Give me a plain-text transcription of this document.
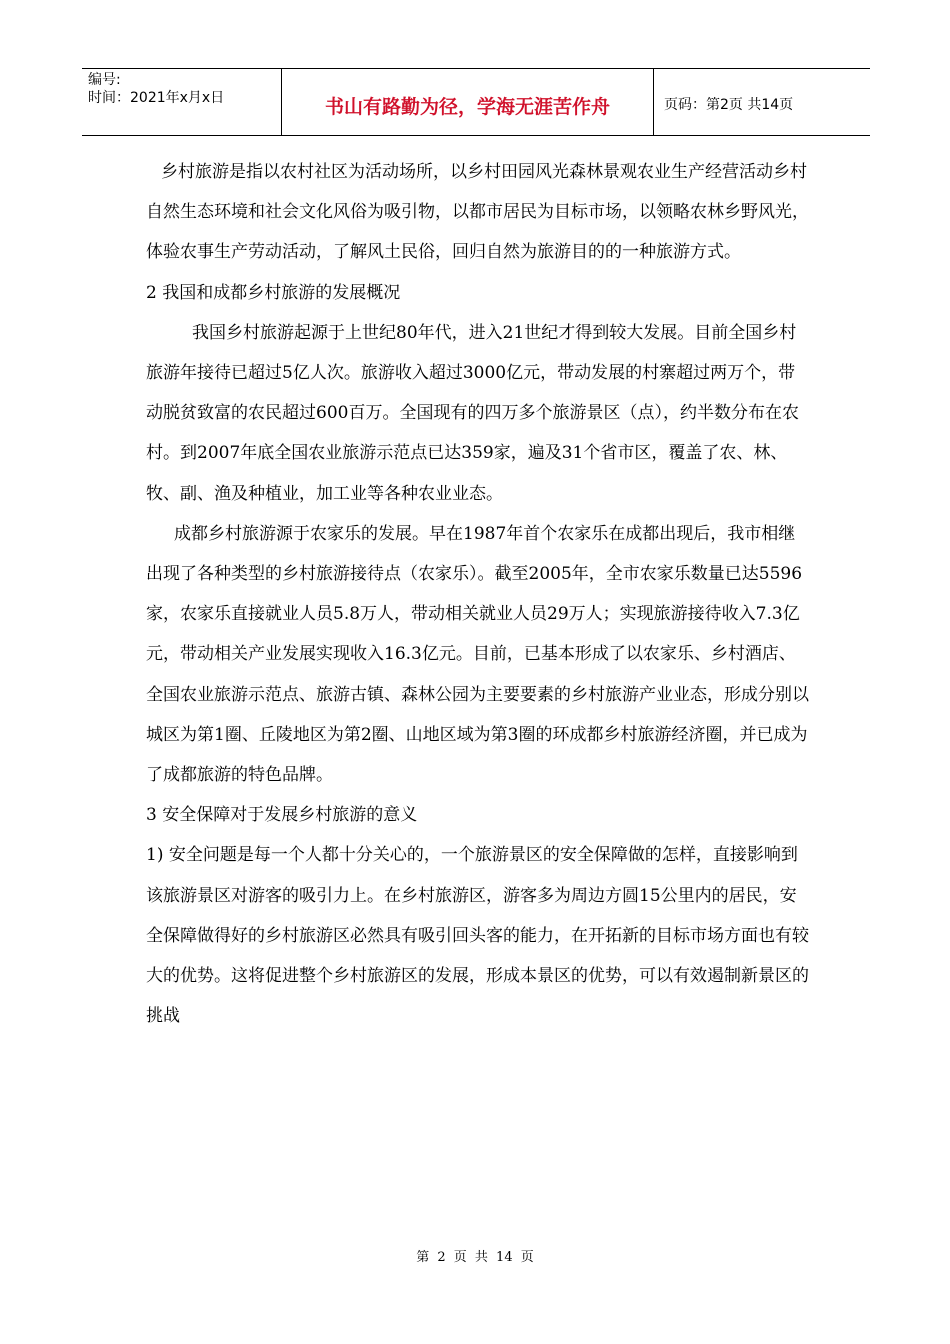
编号:
时间：2021年x月x日	书山有路勤为径，学海无涯苦作舟	页码：第2页 共14页

乡村旅游是指以农村社区为活动场所，以乡村田园风光森林景观农业生产经营活动乡村自然生态环境和社会文化风俗为吸引物，以都市居民为目标市场，以领略农林乡野风光，体验农事生产劳动活动，了解风土民俗，回归自然为旅游目的的一种旅游方式。

2 我国和成都乡村旅游的发展概况

我国乡村旅游起源于上世纪80年代，进入21世纪才得到较大发展。目前全国乡村旅游年接待已超过5亿人次。旅游收入超过3000亿元，带动发展的村寨超过两万个，带动脱贫致富的农民超过600百万。全国现有的四万多个旅游景区（点），约半数分布在农村。到2007年底全国农业旅游示范点已达359家，遍及31个省市区，覆盖了农、林、牧、副、渔及种植业，加工业等各种农业业态。

成都乡村旅游源于农家乐的发展。早在1987年首个农家乐在成都出现后，我市相继出现了各种类型的乡村旅游接待点（农家乐）。截至2005年，全市农家乐数量已达5596家，农家乐直接就业人员5.8万人，带动相关就业人员29万人；实现旅游接待收入7.3亿元，带动相关产业发展实现收入16.3亿元。目前，已基本形成了以农家乐、乡村酒店、全国农业旅游示范点、旅游古镇、森林公园为主要要素的乡村旅游产业业态，形成分别以城区为第1圈、丘陵地区为第2圈、山地区域为第3圈的环成都乡村旅游经济圈，并已成为了成都旅游的特色品牌。

3 安全保障对于发展乡村旅游的意义

1) 安全问题是每一个人都十分关心的，一个旅游景区的安全保障做的怎样，直接影响到该旅游景区对游客的吸引力上。在乡村旅游区，游客多为周边方圆15公里内的居民，安全保障做得好的乡村旅游区必然具有吸引回头客的能力，在开拓新的目标市场方面也有较大的优势。这将促进整个乡村旅游区的发展，形成本景区的优势，可以有效遏制新景区的挑战

第 2 页 共 14 页
